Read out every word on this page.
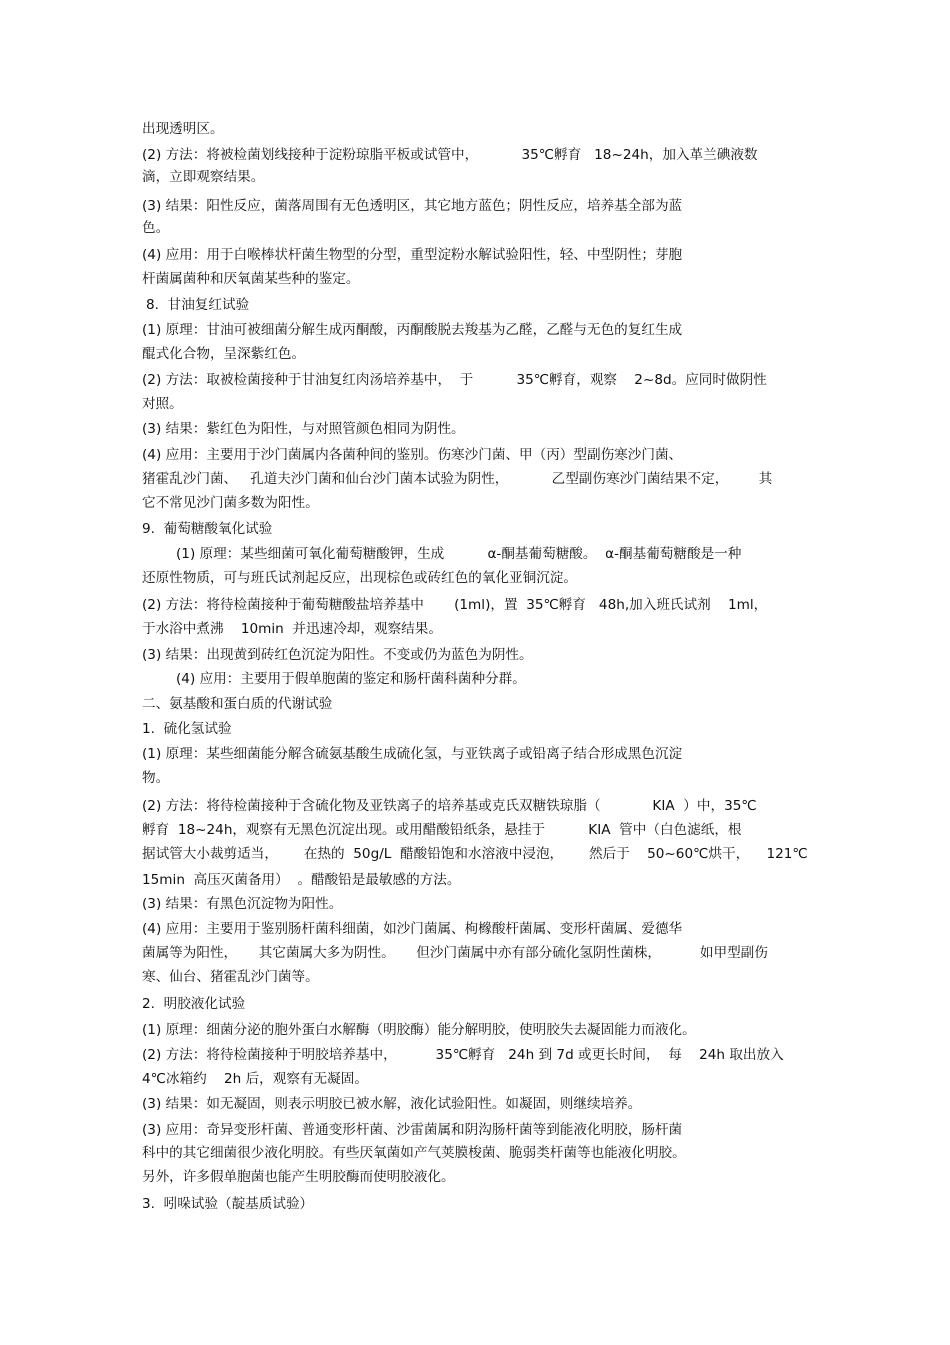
出现透明区。
(2) 方法：将被检菌划线接种于淀粉琼脂平板或试管中，          35℃孵育   18~24h，加入革兰碘液数
滴，立即观察结果。
(3) 结果：阳性反应，菌落周围有无色透明区，其它地方蓝色；阴性反应，培养基全部为蓝
色。
(4) 应用：用于白喉棒状杆菌生物型的分型，重型淀粉水解试验阳性，轻、中型阴性；芽胞
杆菌属菌种和厌氧菌某些种的鉴定。
8.  甘油复红试验
(1) 原理：甘油可被细菌分解生成丙酮酸，丙酮酸脱去羧基为乙醛，乙醛与无色的复红生成
醌式化合物，呈深紫红色。
(2) 方法：取被检菌接种于甘油复红肉汤培养基中，  于          35℃孵育，观察    2~8d。应同时做阴性
对照。
(3) 结果：紫红色为阳性，与对照管颜色相同为阴性。
(4) 应用：主要用于沙门菌属内各菌种间的鉴别。伤寒沙门菌、甲（丙）型副伤寒沙门菌、
猪霍乱沙门菌、   孔道夫沙门菌和仙台沙门菌本试验为阴性，          乙型副伤寒沙门菌结果不定，       其
它不常见沙门菌多数为阳性。
9.  葡萄糖酸氧化试验
(1) 原理：某些细菌可氧化葡萄糖酸钾，生成          α-酮基葡萄糖酸。  α-酮基葡萄糖酸是一种
还原性物质，可与班氏试剂起反应，出现棕色或砖红色的氧化亚铜沉淀。
(2) 方法：将待检菌接种于葡萄糖酸盐培养基中       (1ml)，置  35℃孵育   48h,加入班氏试剂    1ml，
于水浴中煮沸    10min  并迅速冷却，观察结果。
(3) 结果：出现黄到砖红色沉淀为阳性。不变或仍为蓝色为阴性。
(4) 应用：主要用于假单胞菌的鉴定和肠杆菌科菌种分群。
二、氨基酸和蛋白质的代谢试验
1.  硫化氢试验
(1) 原理：某些细菌能分解含硫氨基酸生成硫化氢，与亚铁离子或铅离子结合形成黑色沉淀
物。
(2) 方法：将待检菌接种于含硫化物及亚铁离子的培养基或克氏双糖铁琼脂（            KIA  ）中，35℃
孵育  18~24h，观察有无黑色沉淀出现。或用醋酸铅纸条，悬挂于          KIA  管中（白色滤纸，根
据试管大小裁剪适当，      在热的  50g/L  醋酸铅饱和水溶液中浸泡，      然后于    50~60℃烘干，    121℃
15min  高压灭菌备用）  。醋酸铅是最敏感的方法。
(3) 结果：有黑色沉淀物为阳性。
(4) 应用：主要用于鉴别肠杆菌科细菌，如沙门菌属、枸橼酸杆菌属、变形杆菌属、爱德华
菌属等为阳性，     其它菌属大多为阴性。     但沙门菌属中亦有部分硫化氢阴性菌株，         如甲型副伤
寒、仙台、猪霍乱沙门菌等。
2.  明胶液化试验
(1) 原理：细菌分泌的胞外蛋白水解酶（明胶酶）能分解明胶，使明胶失去凝固能力而液化。
(2) 方法：将待检菌接种于明胶培养基中，         35℃孵育   24h 到 7d 或更长时间，  每    24h 取出放入
4℃冰箱约    2h 后，观察有无凝固。
(3) 结果：如无凝固，则表示明胶已被水解，液化试验阳性。如凝固，则继续培养。
(3) 应用：奇异变形杆菌、普通变形杆菌、沙雷菌属和阴沟肠杆菌等到能液化明胶，肠杆菌
科中的其它细菌很少液化明胶。有些厌氧菌如产气荚膜梭菌、脆弱类杆菌等也能液化明胶。
另外，许多假单胞菌也能产生明胶酶而使明胶液化。
3.  吲哚试验（靛基质试验）
